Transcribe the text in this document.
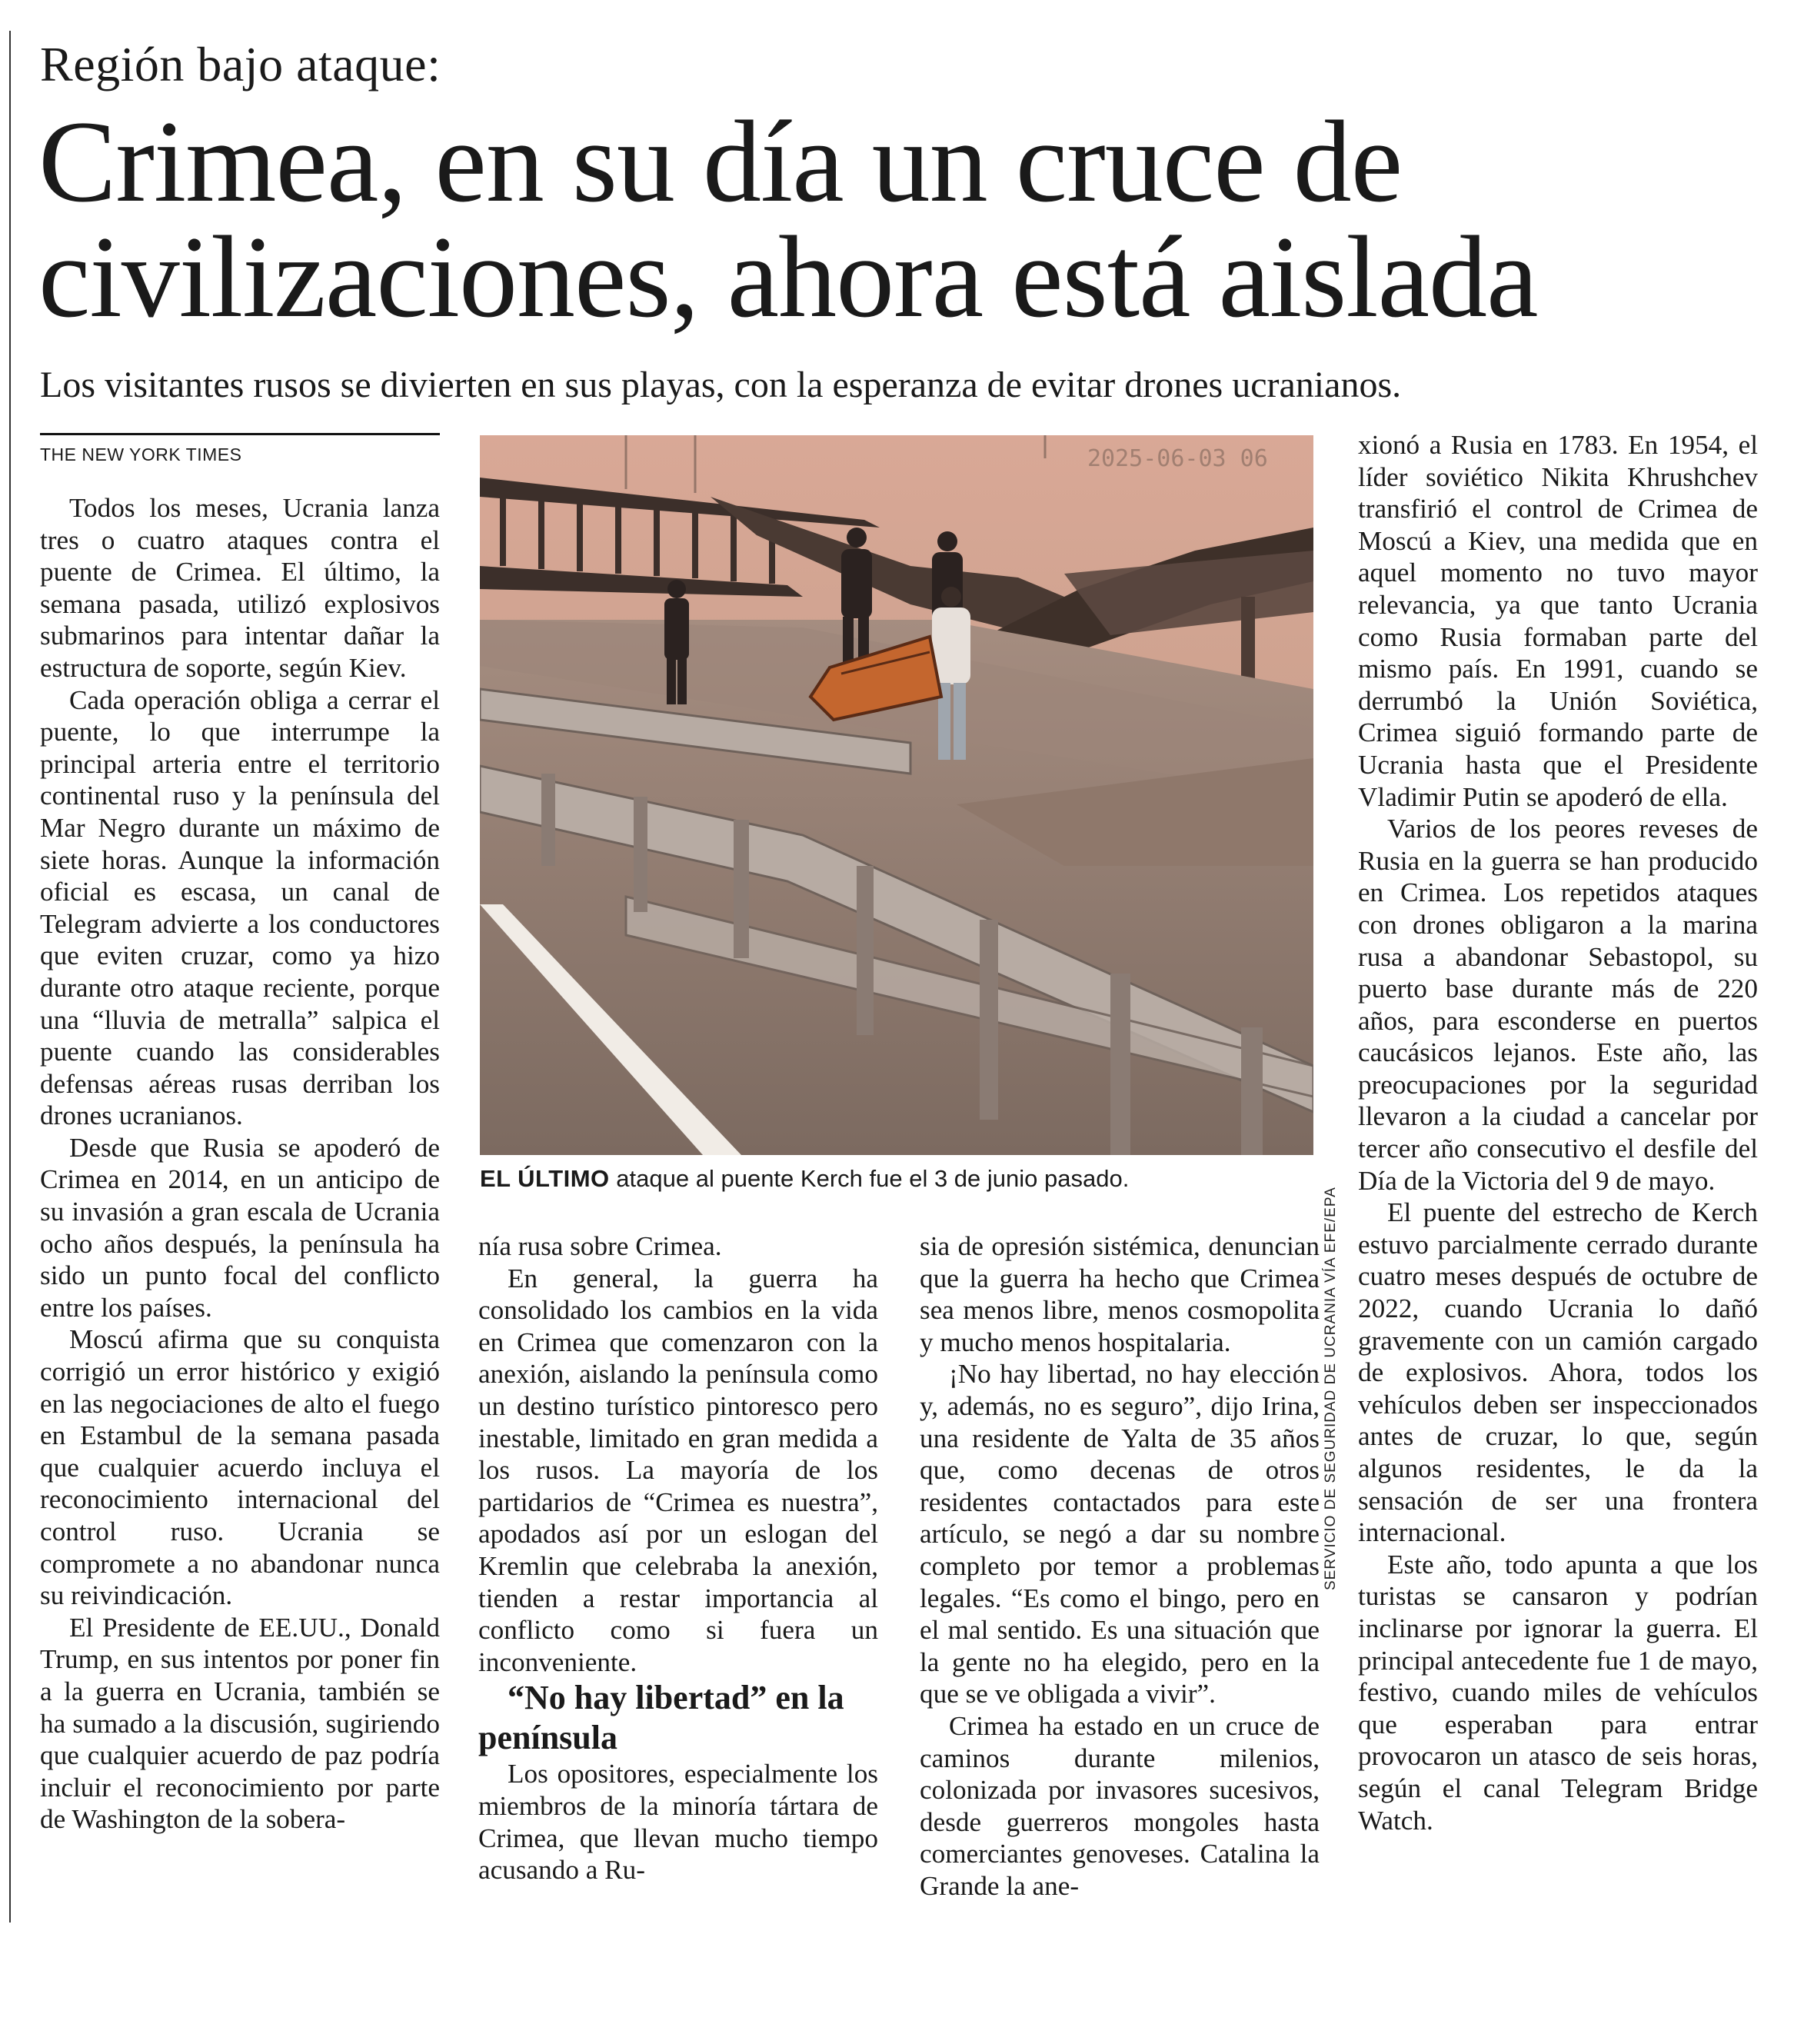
Región bajo ataque:
Crimea, en su día un cruce de civilizaciones, ahora está aislada
Los visitantes rusos se divierten en sus playas, con la esperanza de evitar drones ucranianos.
THE NEW YORK TIMES

Todos los meses, Ucrania lanza tres o cuatro ataques contra el puente de Crimea. El último, la semana pasada, utilizó explosivos submarinos para intentar dañar la estructura de soporte, según Kiev.

Cada operación obliga a cerrar el puente, lo que interrumpe la principal arteria entre el territorio continental ruso y la península del Mar Negro durante un máximo de siete horas. Aunque la información oficial es escasa, un canal de Telegram advierte a los conductores que eviten cruzar, como ya hizo durante otro ataque reciente, porque una “lluvia de metralla” salpica el puente cuando las considerables defensas aéreas rusas derriban los drones ucranianos.

Desde que Rusia se apoderó de Crimea en 2014, en un anticipo de su invasión a gran escala de Ucrania ocho años después, la península ha sido un punto focal del conflicto entre los países.

Moscú afirma que su conquista corrigió un error histórico y exigió en las negociaciones de alto el fuego en Estambul de la semana pasada que cualquier acuerdo incluya el reconocimiento internacional del control ruso. Ucrania se compromete a no abandonar nunca su reivindicación.

El Presidente de EE.UU., Donald Trump, en sus intentos por poner fin a la guerra en Ucrania, también se ha sumado a la discusión, sugiriendo que cualquier acuerdo de paz podría incluir el reconocimiento por parte de Washington de la sobera-

2025-06-03 06
SERVICIO DE SEGURIDAD DE UCRANIA VÍA EFE/EPA
EL ÚLTIMO ataque al puente Kerch fue el 3 de junio pasado.

nía rusa sobre Crimea.

En general, la guerra ha consolidado los cambios en la vida en Crimea que comenzaron con la anexión, aislando la península como un destino turístico pintoresco pero inestable, limitado en gran medida a los rusos. La mayoría de los partidarios de “Crimea es nuestra”, apodados así por un eslogan del Kremlin que celebraba la anexión, tienden a restar importancia al conflicto como si fuera un inconveniente.

“No hay libertad” en la península

Los opositores, especialmente los miembros de la minoría tártara de Crimea, que llevan mucho tiempo acusando a Ru-

sia de opresión sistémica, denuncian que la guerra ha hecho que Crimea sea menos libre, menos cosmopolita y mucho menos hospitalaria.

¡No hay libertad, no hay elección y, además, no es seguro”, dijo Irina, una residente de Yalta de 35 años que, como decenas de otros residentes contactados para este artículo, se negó a dar su nombre completo por temor a problemas legales. “Es como el bingo, pero en el mal sentido. Es una situación que la gente no ha elegido, pero en la que se ve obligada a vivir”.

Crimea ha estado en un cruce de caminos durante milenios, colonizada por invasores sucesivos, desde guerreros mongoles hasta comerciantes genoveses. Catalina la Grande la ane-

xionó a Rusia en 1783. En 1954, el líder soviético Nikita Khrushchev transfirió el control de Crimea de Moscú a Kiev, una medida que en aquel momento no tuvo mayor relevancia, ya que tanto Ucrania como Rusia formaban parte del mismo país. En 1991, cuando se derrumbó la Unión Soviética, Crimea siguió formando parte de Ucrania hasta que el Presidente Vladimir Putin se apoderó de ella.

Varios de los peores reveses de Rusia en la guerra se han producido en Crimea. Los repetidos ataques con drones obligaron a la marina rusa a abandonar Sebastopol, su puerto base durante más de 220 años, para esconderse en puertos caucásicos lejanos. Este año, las preocupaciones por la seguridad llevaron a la ciudad a cancelar por tercer año consecutivo el desfile del Día de la Victoria del 9 de mayo.

El puente del estrecho de Kerch estuvo parcialmente cerrado durante cuatro meses después de octubre de 2022, cuando Ucrania lo dañó gravemente con un camión cargado de explosivos. Ahora, todos los vehículos deben ser inspeccionados antes de cruzar, lo que, según algunos residentes, le da la sensación de ser una frontera internacional.

Este año, todo apunta a que los turistas se cansaron y podrían inclinarse por ignorar la guerra. El principal antecedente fue 1 de mayo, festivo, cuando miles de vehículos que esperaban para entrar provocaron un atasco de seis horas, según el canal Telegram Bridge Watch.
